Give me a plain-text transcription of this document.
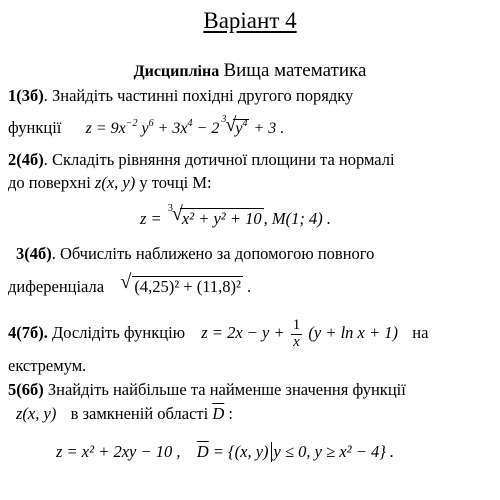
Варіант 4
Дисципліна Вища математика
1(3б). Знайдіть частинні похідні другого порядку
функції $z = 9x^{-2}$ $y^6 + 3x^4 - 2$
3 √ $y^4 + 3$ .
2(4б). Складіть рівняння дотичної площини та нормалі
до поверхні z(x, y) у точці M:
z =
3 √ x² + y² + 10 , M(1; 4) .
3(4б). Обчисліть наближено за допомогою повного
диференціала √ (4,25)² + (11,8)² .
4(7б). Дослідіть функцію $z = 2x - y + \frac{1}{x} (y + \ln x + 1)$ на
екстремум.
5(6б) Знайдіть найбільше та найменше значення функції
z(x, y) в замкненій області $\overline{D}$ :
z = x² + 2xy − 10 , $\overline{D} = \{(x$, y) y ≤ 0, y ≥ x² − 4} .
